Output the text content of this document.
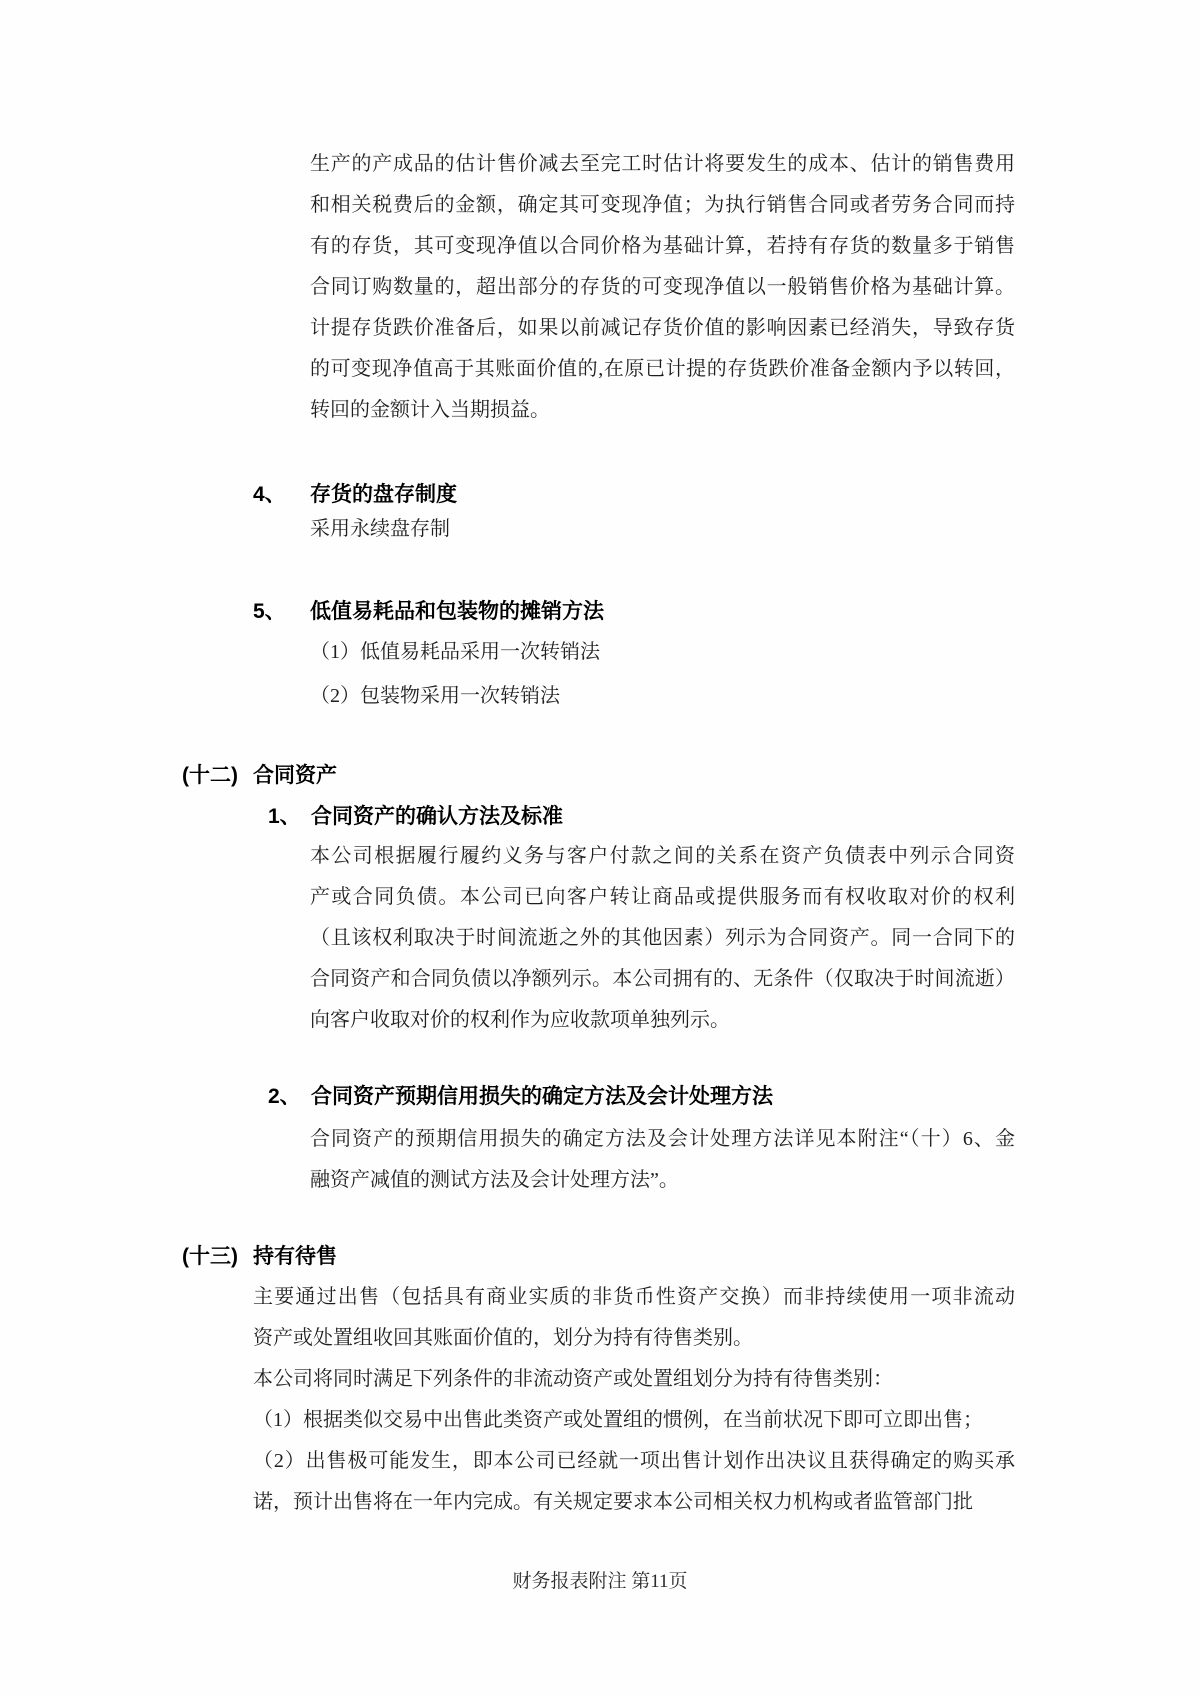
生产的产成品的估计售价减去至完工时估计将要发生的成本、估计的销售费用
和相关税费后的金额，确定其可变现净值；为执行销售合同或者劳务合同而持
有的存货，其可变现净值以合同价格为基础计算，若持有存货的数量多于销售
合同订购数量的，超出部分的存货的可变现净值以一般销售价格为基础计算。
计提存货跌价准备后，如果以前减记存货价值的影响因素已经消失，导致存货
的可变现净值高于其账面价值的,在原已计提的存货跌价准备金额内予以转回，
转回的金额计入当期损益。
4、	存货的盘存制度
采用永续盘存制
5、	低值易耗品和包装物的摊销方法
（1）低值易耗品采用一次转销法
（2）包装物采用一次转销法
(十二) 合同资产
1、 合同资产的确认方法及标准
本公司根据履行履约义务与客户付款之间的关系在资产负债表中列示合同资
产或合同负债。本公司已向客户转让商品或提供服务而有权收取对价的权利
（且该权利取决于时间流逝之外的其他因素）列示为合同资产。同一合同下的
合同资产和合同负债以净额列示。本公司拥有的、无条件（仅取决于时间流逝）
向客户收取对价的权利作为应收款项单独列示。
2、 合同资产预期信用损失的确定方法及会计处理方法
合同资产的预期信用损失的确定方法及会计处理方法详见本附注“（十）6、金
融资产减值的测试方法及会计处理方法”。
(十三) 持有待售
主要通过出售（包括具有商业实质的非货币性资产交换）而非持续使用一项非流动
资产或处置组收回其账面价值的，划分为持有待售类别。
本公司将同时满足下列条件的非流动资产或处置组划分为持有待售类别：
（1）根据类似交易中出售此类资产或处置组的惯例，在当前状况下即可立即出售；
（2）出售极可能发生，即本公司已经就一项出售计划作出决议且获得确定的购买承
诺，预计出售将在一年内完成。有关规定要求本公司相关权力机构或者监管部门批
财务报表附注 第11页
